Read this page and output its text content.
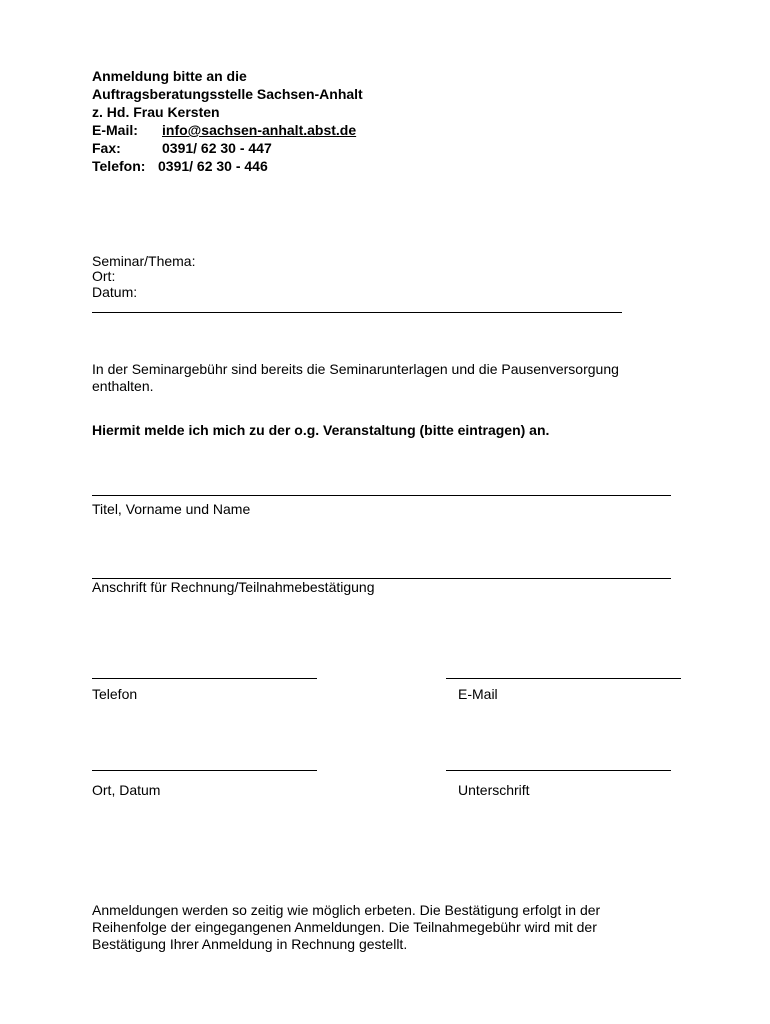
Anmeldung bitte an die
Auftragsberatungsstelle Sachsen-Anhalt
z. Hd. Frau Kersten
E-Mail: info@sachsen-anhalt.abst.de
Fax:	0391/ 62 30 - 447
Telefon: 0391/ 62 30 - 446
Seminar/Thema:
Ort:
Datum:
In der Seminargebühr sind bereits die Seminarunterlagen und die Pausenversorgung enthalten.
Hiermit melde ich mich zu der o.g. Veranstaltung (bitte eintragen) an.
Titel, Vorname und Name
Anschrift für Rechnung/Teilnahmebestätigung
Telefon	E-Mail
Ort, Datum	Unterschrift
Anmeldungen werden so zeitig wie möglich erbeten. Die Bestätigung erfolgt in der Reihenfolge der eingegangenen Anmeldungen. Die Teilnahmegebühr wird mit der Bestätigung Ihrer Anmeldung in Rechnung gestellt.
